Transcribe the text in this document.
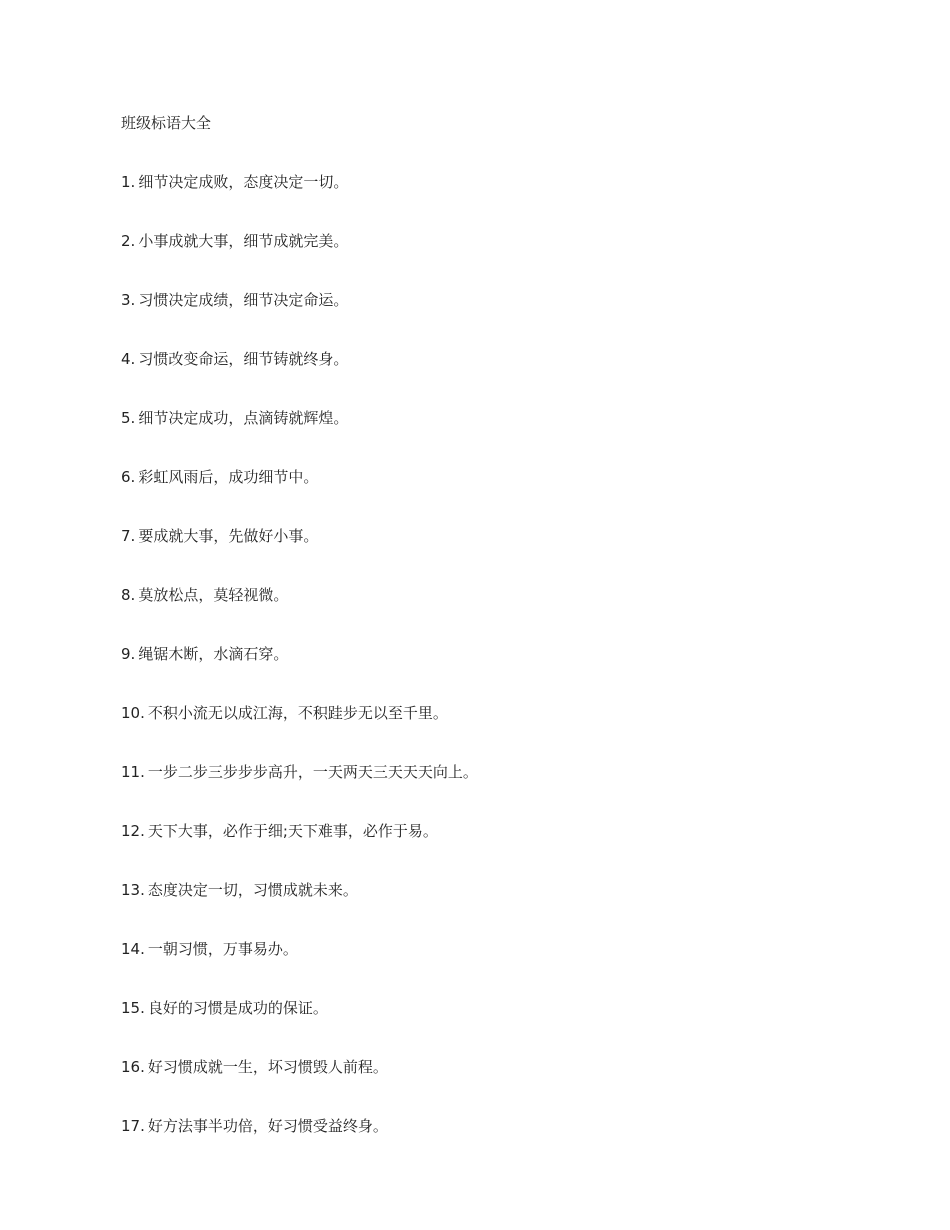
班级标语大全
1. 细节决定成败，态度决定一切。
2. 小事成就大事，细节成就完美。
3. 习惯决定成绩，细节决定命运。
4. 习惯改变命运，细节铸就终身。
5. 细节决定成功，点滴铸就辉煌。
6. 彩虹风雨后，成功细节中。
7. 要成就大事，先做好小事。
8. 莫放松点，莫轻视微。
9. 绳锯木断，水滴石穿。
10. 不积小流无以成江海，不积跬步无以至千里。
11. 一步二步三步步步高升，一天两天三天天天向上。
12. 天下大事，必作于细;天下难事，必作于易。
13. 态度决定一切，习惯成就未来。
14. 一朝习惯，万事易办。
15. 良好的习惯是成功的保证。
16. 好习惯成就一生，坏习惯毁人前程。
17. 好方法事半功倍，好习惯受益终身。
